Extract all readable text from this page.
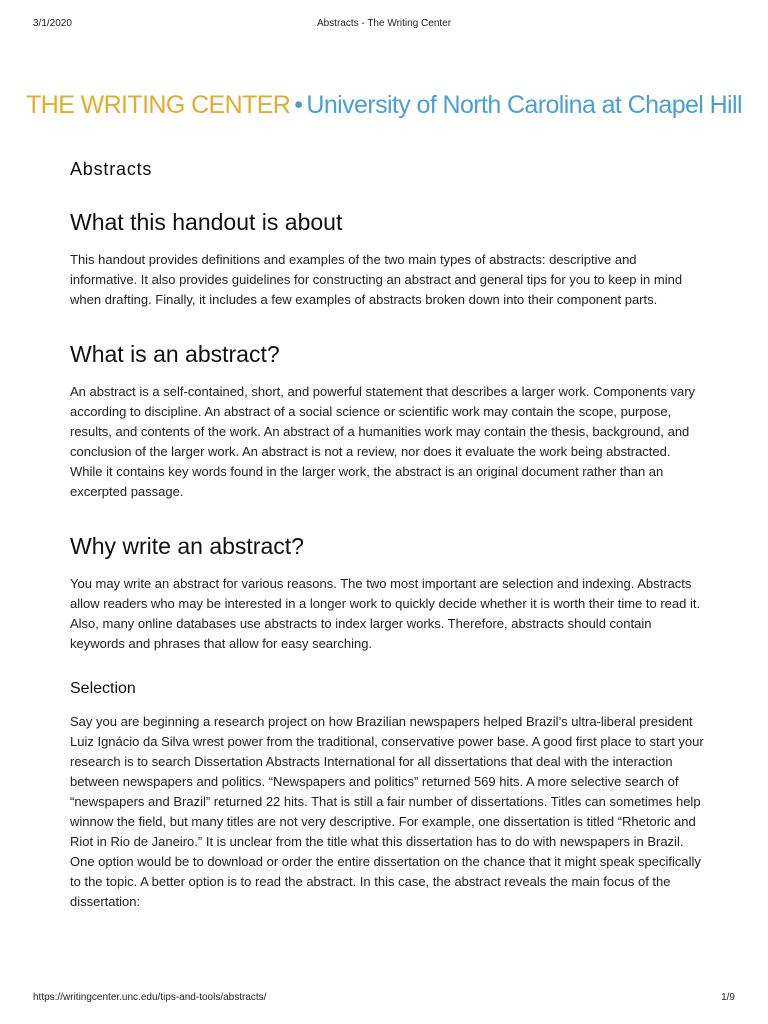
3/1/2020	Abstracts - The Writing Center
THE WRITING CENTER • University of North Carolina at Chapel Hill
Abstracts
What this handout is about

This handout provides definitions and examples of the two main types of abstracts: descriptive and informative. It also provides guidelines for constructing an abstract and general tips for you to keep in mind when drafting. Finally, it includes a few examples of abstracts broken down into their component parts.

What is an abstract?

An abstract is a self-contained, short, and powerful statement that describes a larger work. Components vary according to discipline. An abstract of a social science or scientific work may contain the scope, purpose, results, and contents of the work. An abstract of a humanities work may contain the thesis, background, and conclusion of the larger work. An abstract is not a review, nor does it evaluate the work being abstracted. While it contains key words found in the larger work, the abstract is an original document rather than an excerpted passage.

Why write an abstract?

You may write an abstract for various reasons. The two most important are selection and indexing. Abstracts allow readers who may be interested in a longer work to quickly decide whether it is worth their time to read it. Also, many online databases use abstracts to index larger works. Therefore, abstracts should contain keywords and phrases that allow for easy searching.

Selection

Say you are beginning a research project on how Brazilian newspapers helped Brazil’s ultra-liberal president Luiz Ignácio da Silva wrest power from the traditional, conservative power base. A good first place to start your research is to search Dissertation Abstracts International for all dissertations that deal with the interaction between newspapers and politics. “Newspapers and politics” returned 569 hits. A more selective search of “newspapers and Brazil” returned 22 hits. That is still a fair number of dissertations. Titles can sometimes help winnow the field, but many titles are not very descriptive. For example, one dissertation is titled “Rhetoric and Riot in Rio de Janeiro.” It is unclear from the title what this dissertation has to do with newspapers in Brazil. One option would be to download or order the entire dissertation on the chance that it might speak specifically to the topic. A better option is to read the abstract. In this case, the abstract reveals the main focus of the dissertation:

https://writingcenter.unc.edu/tips-and-tools/abstracts/	1/9
